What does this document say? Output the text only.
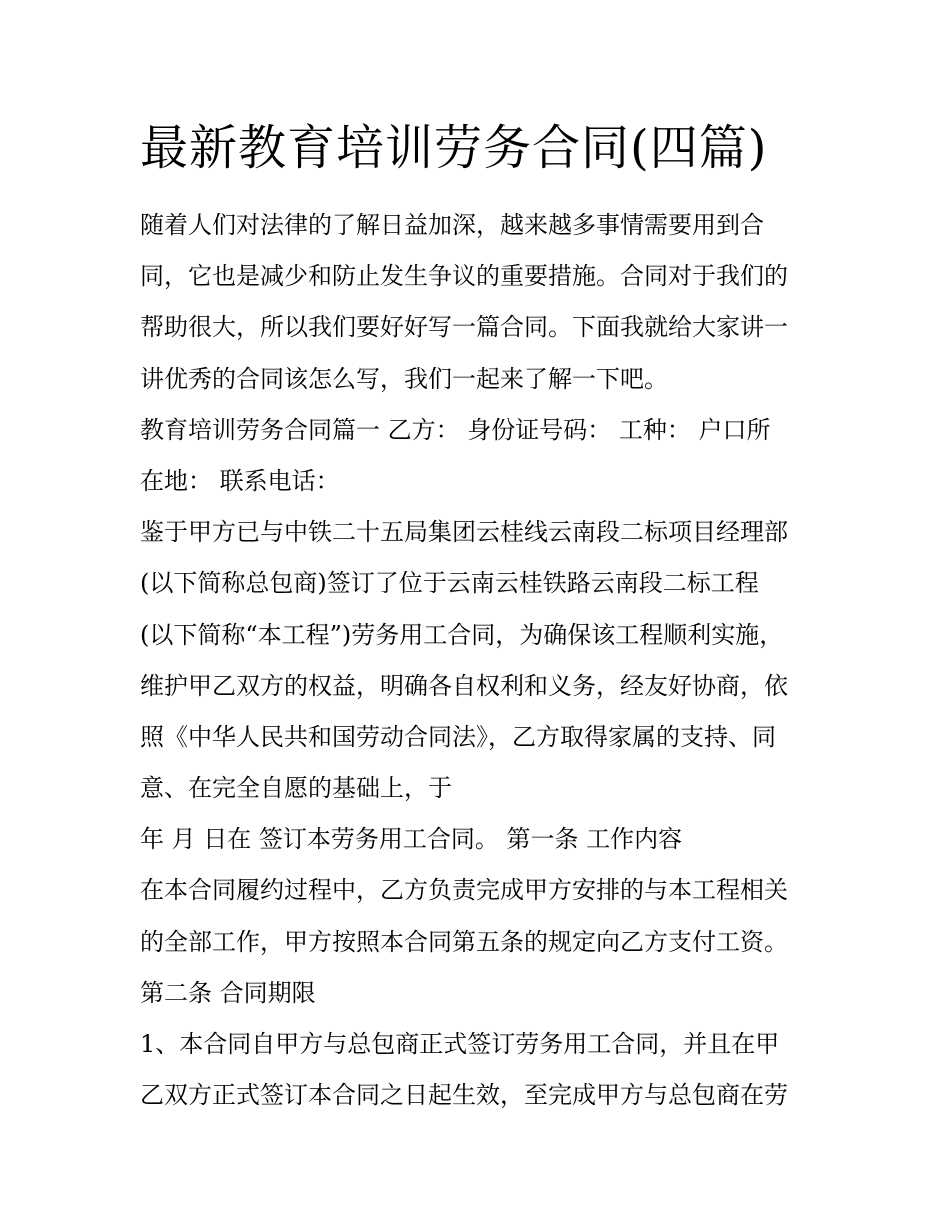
最新教育培训劳务合同(四篇)
随着人们对法律的了解日益加深，越来越多事情需要用到合
同，它也是减少和防止发生争议的重要措施。合同对于我们的
帮助很大，所以我们要好好写一篇合同。下面我就给大家讲一
讲优秀的合同该怎么写，我们一起来了解一下吧。
教育培训劳务合同篇一 乙方： 身份证号码： 工种： 户口所
在地： 联系电话：
鉴于甲方已与中铁二十五局集团云桂线云南段二标项目经理部
(以下简称总包商)签订了位于云南云桂铁路云南段二标工程
(以下简称“本工程”)劳务用工合同，为确保该工程顺利实施，
维护甲乙双方的权益，明确各自权利和义务，经友好协商，依
照《中华人民共和国劳动合同法》，乙方取得家属的支持、同
意、在完全自愿的基础上，于
年 月 日在 签订本劳务用工合同。 第一条 工作内容
在本合同履约过程中，乙方负责完成甲方安排的与本工程相关
的全部工作，甲方按照本合同第五条的规定向乙方支付工资。
第二条 合同期限
1、本合同自甲方与总包商正式签订劳务用工合同，并且在甲
乙双方正式签订本合同之日起生效，至完成甲方与总包商在劳
